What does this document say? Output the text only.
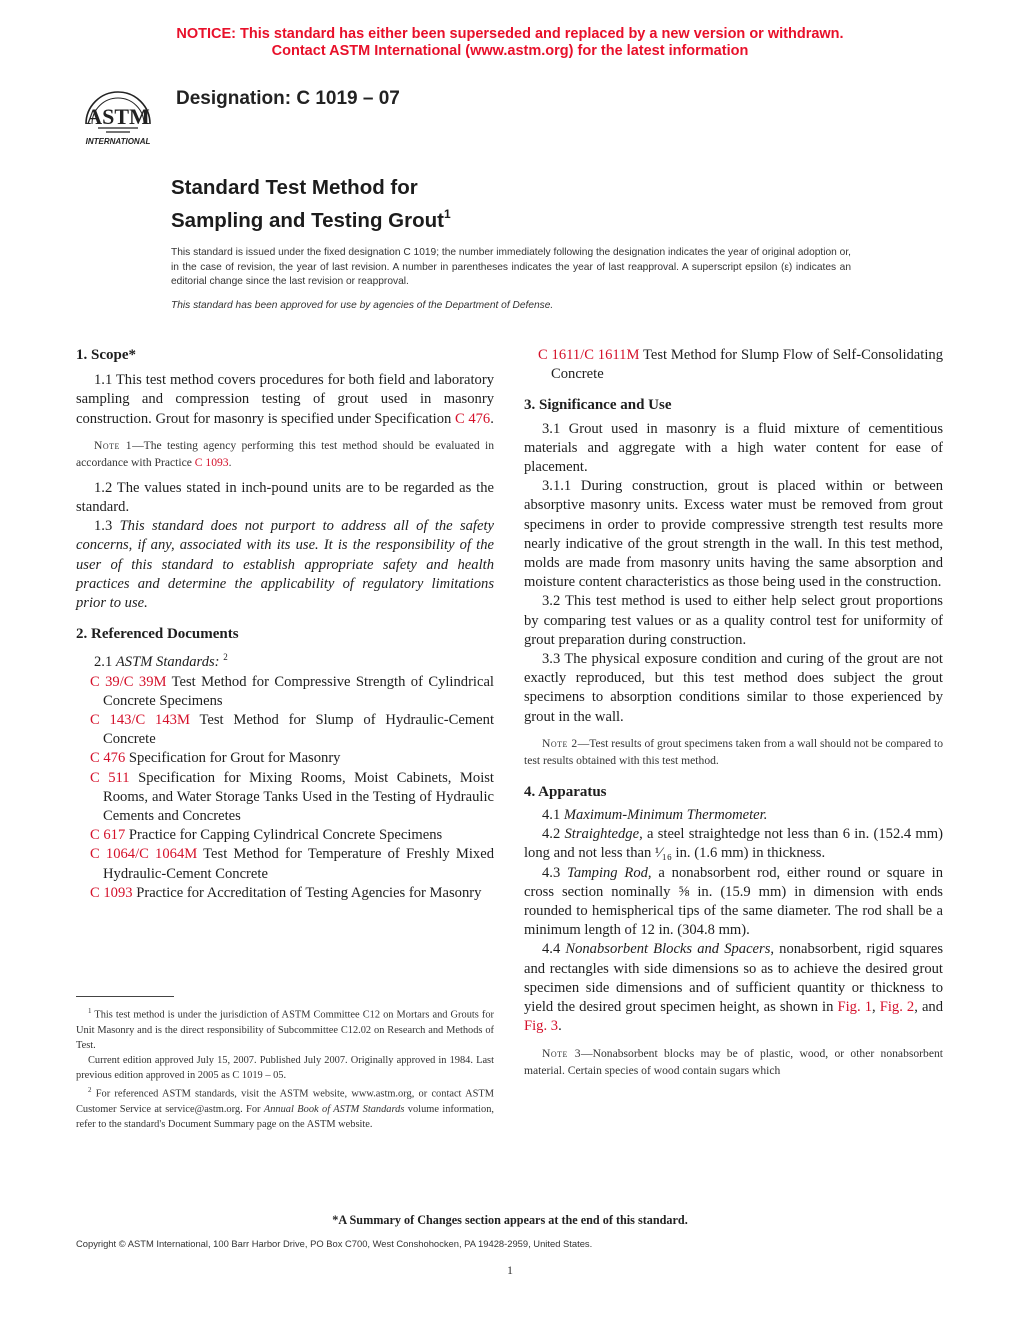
NOTICE: This standard has either been superseded and replaced by a new version or withdrawn.
Contact ASTM International (www.astm.org) for the latest information
ASTM
INTERNATIONAL
Designation: C 1019 – 07
Standard Test Method for
Sampling and Testing Grout$^1$
This standard is issued under the fixed designation C 1019; the number immediately following the designation indicates the year of original adoption or, in the case of revision, the year of last revision. A number in parentheses indicates the year of last reapproval. A superscript epsilon (ε) indicates an editorial change since the last revision or reapproval.
This standard has been approved for use by agencies of the Department of Defense.

1. Scope*

1.1 This test method covers procedures for both field and laboratory sampling and compression testing of grout used in masonry construction. Grout for masonry is specified under Specification C 476.

Note 1—The testing agency performing this test method should be evaluated in accordance with Practice C 1093.

1.2 The values stated in inch-pound units are to be regarded as the standard.

1.3 This standard does not purport to address all of the safety concerns, if any, associated with its use. It is the responsibility of the user of this standard to establish appropriate safety and health practices and determine the applicability of regulatory limitations prior to use.

2. Referenced Documents

2.1 ASTM Standards: $^2$

C 39/C 39M Test Method for Compressive Strength of Cylindrical Concrete Specimens

C 143/C 143M Test Method for Slump of Hydraulic-Cement Concrete

C 476 Specification for Grout for Masonry

C 511 Specification for Mixing Rooms, Moist Cabinets, Moist Rooms, and Water Storage Tanks Used in the Testing of Hydraulic Cements and Concretes

C 617 Practice for Capping Cylindrical Concrete Specimens

C 1064/C 1064M Test Method for Temperature of Freshly Mixed Hydraulic-Cement Concrete

C 1093 Practice for Accreditation of Testing Agencies for Masonry

$^1$ This test method is under the jurisdiction of ASTM Committee C12 on Mortars and Grouts for Unit Masonry and is the direct responsibility of Subcommittee C12.02 on Research and Methods of Test.

Current edition approved July 15, 2007. Published July 2007. Originally approved in 1984. Last previous edition approved in 2005 as C 1019 – 05.

$^2$ For referenced ASTM standards, visit the ASTM website, www.astm.org, or contact ASTM Customer Service at service@astm.org. For Annual Book of ASTM Standards volume information, refer to the standard's Document Summary page on the ASTM website.

C 1611/C 1611M Test Method for Slump Flow of Self-Consolidating Concrete

3. Significance and Use

3.1 Grout used in masonry is a fluid mixture of cementitious materials and aggregate with a high water content for ease of placement.

3.1.1 During construction, grout is placed within or between absorptive masonry units. Excess water must be removed from grout specimens in order to provide compressive strength test results more nearly indicative of the grout strength in the wall. In this test method, molds are made from masonry units having the same absorption and moisture content characteristics as those being used in the construction.

3.2 This test method is used to either help select grout proportions by comparing test values or as a quality control test for uniformity of grout preparation during construction.

3.3 The physical exposure condition and curing of the grout are not exactly reproduced, but this test method does subject the grout specimens to absorption conditions similar to those experienced by grout in the wall.

Note 2—Test results of grout specimens taken from a wall should not be compared to test results obtained with this test method.

4. Apparatus

4.1 Maximum-Minimum Thermometer.

4.2 Straightedge, a steel straightedge not less than 6 in. (152.4 mm) long and not less than ¹⁄₁₆ in. (1.6 mm) in thickness.

4.3 Tamping Rod, a nonabsorbent rod, either round or square in cross section nominally ⅝ in. (15.9 mm) in dimension with ends rounded to hemispherical tips of the same diameter. The rod shall be a minimum length of 12 in. (304.8 mm).

4.4 Nonabsorbent Blocks and Spacers, nonabsorbent, rigid squares and rectangles with side dimensions so as to achieve the desired grout specimen side dimensions and of sufficient quantity or thickness to yield the desired grout specimen height, as shown in Fig. 1, Fig. 2, and Fig. 3.

Note 3—Nonabsorbent blocks may be of plastic, wood, or other nonabsorbent material. Certain species of wood contain sugars which

*A Summary of Changes section appears at the end of this standard.
Copyright © ASTM International, 100 Barr Harbor Drive, PO Box C700, West Conshohocken, PA 19428-2959, United States.
1
